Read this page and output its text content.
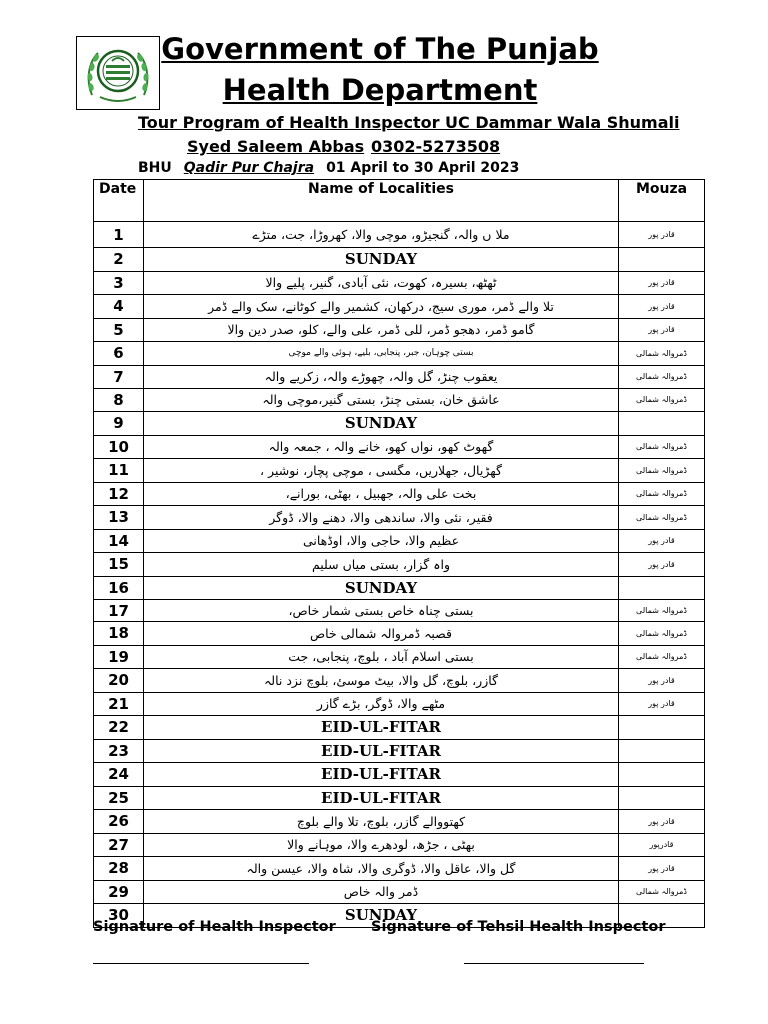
Government of The Punjab
Health Department
Tour Program of Health Inspector UC Dammar Wala Shumali
Syed Saleem Abbas 0302-5273508
BHU Qadir Pur Chajra 01 April to 30 April 2023
Date	Name of Localities	Mouza
1	ملا ں والہ، گنجیڑو، موچی والا، کھروڑا، جت، متڑے	قادر پور
2	SUNDAY	
3	ٹھٹھ، بسیرہ، کھوت، نئی آبادی، گنیر، پلیے والا	قادر پور
4	تلا والے ڈمر، موری سیج، درکھان، کشمیر والے کوٹانے، سک والے ڈمر	قادر پور
5	گامو ڈمر، دھجو ڈمر، للی ڈمر، علی والے، کلو، صدر دین والا	قادر پور
6	بستی چوہان، جبر، پنجابی، بلیے، ہوئی والے موچی	ڈمروالہ شمالی
7	یعقوب چنڑ، گل والہ، چھوڑے والہ، زکریے والہ	ڈمروالہ شمالی
8	عاشق خان، بستی چنڑ، بستی گنیر،موچی والہ	ڈمروالہ شمالی
9	SUNDAY	
10	گھوٹ کھو، نواں کھو، خانے والہ ، جمعہ والہ	ڈمروالہ شمالی
11	گھڑیال، جھلاریں، مگسی ، موچی پچار، نوشیر ،	ڈمروالہ شمالی
12	بخت علی والہ، جھبیل ، بھٹی، بورانے،	ڈمروالہ شمالی
13	فقیر، نئی والا، ساندھی والا، دھنے والا، ڈوگر	ڈمروالہ شمالی
14	عظیم والا، حاجی والا، اوڈھانی	قادر پور
15	واہ گزار، بستی میاں سلیم	قادر پور
16	SUNDAY	
17	بستی چناہ خاص بستی شمار خاص،	ڈمروالہ شمالی
18	قصبہ ڈمروالہ شمالی خاص	ڈمروالہ شمالی
19	بستی اسلام آباد ، بلوچ، پنجابی، جت	ڈمروالہ شمالی
20	گازر، بلوچ، گل والا، بیٹ موسئ، بلوچ نزد نالہ	قادر پور
21	مٹھے والا، ڈوگر، بڑے گازر	قادر پور
22	EID-UL-FITAR	
23	EID-UL-FITAR	
24	EID-UL-FITAR	
25	EID-UL-FITAR	
26	کھتووالے گازر، بلوچ، تلا والے بلوچ	قادر پور
27	بھٹی ، جڑھ، لودھرے والا، موہانے والا	قادرپور
28	گل والا، عاقل والا، ڈوگری والا، شاہ والا، عیسن والہ	قادر پور
29	ڈمر والہ خاص	ڈمروالہ شمالی
30	SUNDAY	
Signature of Health Inspector Signature of Tehsil Health Inspector
